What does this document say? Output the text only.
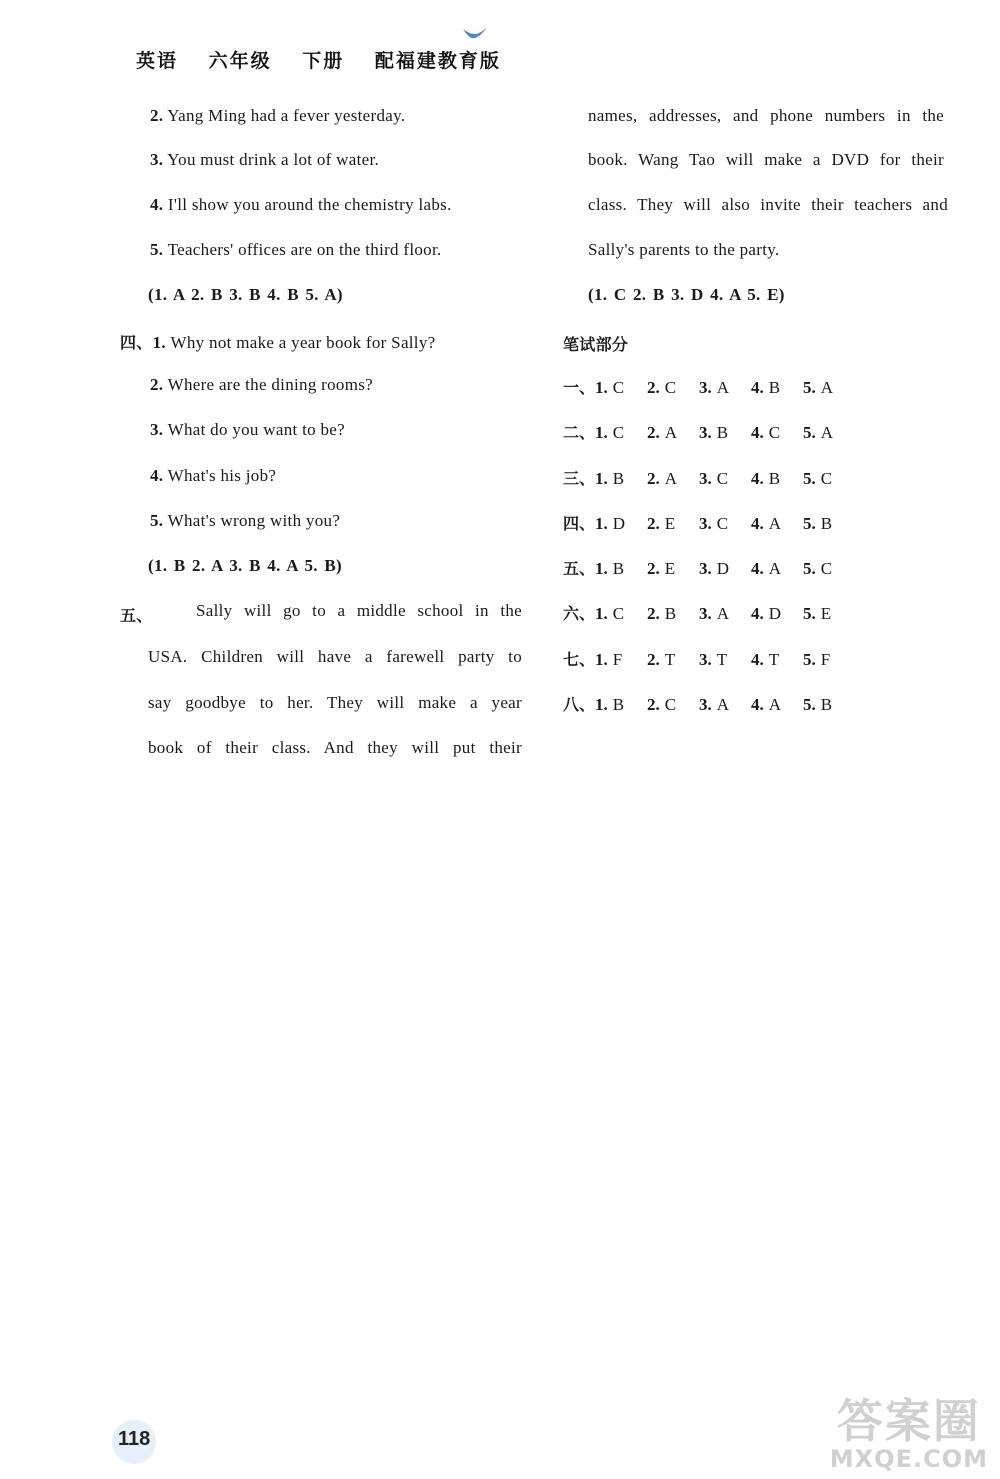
英语 六年级 下册 配福建教育版
2. Yang Ming had a fever yesterday.
3. You must drink a lot of water.
4. I'll show you around the chemistry labs.
5. Teachers' offices are on the third floor.
(1. A 2. B 3. B 4. B 5. A)
四、1. Why not make a year book for Sally?
2. Where are the dining rooms?
3. What do you want to be?
4. What's his job?
5. What's wrong with you?
(1. B 2. A 3. B 4. A 5. B)
五、	Sally will go to a middle school in the
USA. Children will have a farewell party to
say goodbye to her. They will make a year
book of their class. And they will put their
names, addresses, and phone numbers in the
book. Wang Tao will make a DVD for their
class. They will also invite their teachers and
Sally's parents to the party.
(1. C 2. B 3. D 4. A 5. E)
笔试部分
一、1. C 2. C 3. A 4. B 5. A
二、1. C 2. A 3. B 4. C 5. A
三、1. B 2. A 3. C 4. B 5. C
四、1. D 2. E 3. C 4. A 5. B
五、1. B 2. E 3. D 4. A 5. C
六、1. C 2. B 3. A 4. D 5. E
七、1. F 2. T 3. T 4. T 5. F
八、1. B 2. C 3. A 4. A 5. B
118	答案圈
MXQE.COM
